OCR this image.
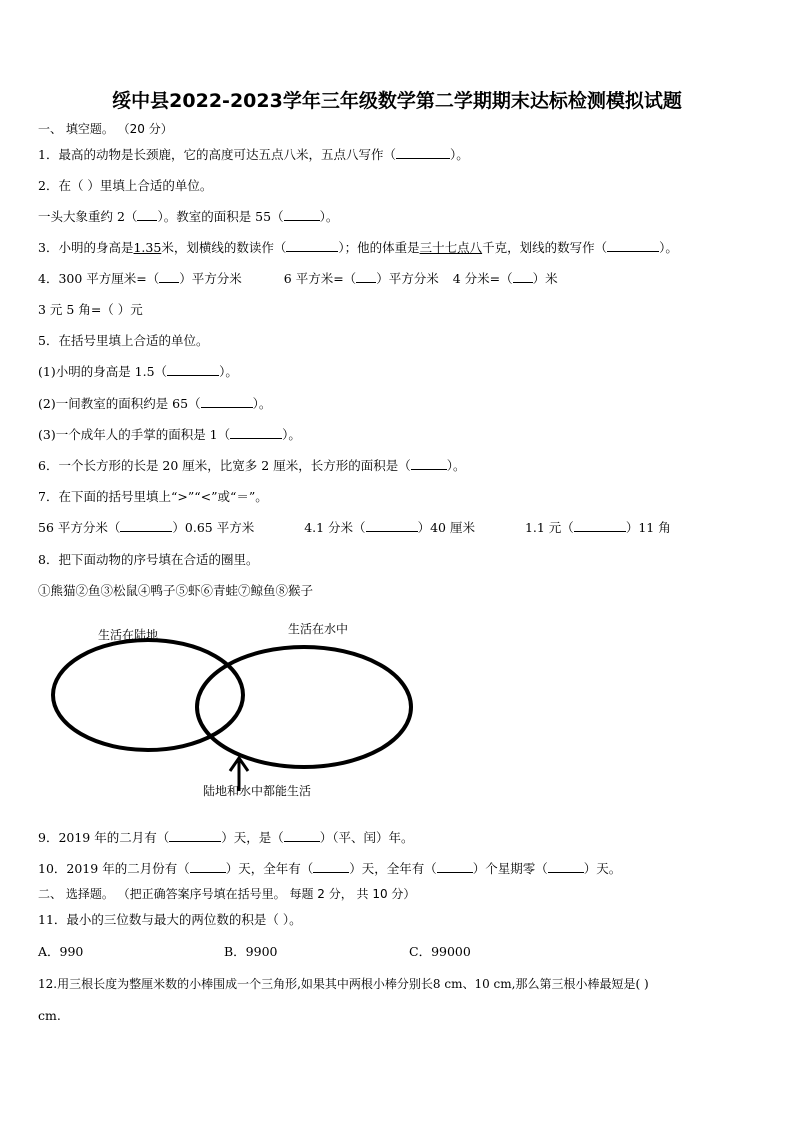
绥中县2022-2023学年三年级数学第二学期期末达标检测模拟试题
一、 填空题。 （20 分）
1．最高的动物是长颈鹿，它的高度可达五点八米，五点八写作（	）。
2．在（ ）里填上合适的单位。
一头大象重约 2（ ）。教室的面积是 55（	）。
3．小明的身高是1.35米，划横线的数读作（	）；他的体重是三十七点八千克，划线的数写作（	）。
4．300 平方厘米=（ ）平方分米	6 平方米=（ ）平方分米 4 分米=（ ）米
3 元 5 角=（ ）元
5．在括号里填上合适的单位。
(1)小明的身高是 1.5（	）。
(2)一间教室的面积约是 65（	）。
(3)一个成年人的手掌的面积是 1（	）。
6．一个长方形的长是 20 厘米，比宽多 2 厘米，长方形的面积是（	）。
7．在下面的括号里填上“>”“<”或“＝”。
56 平方分米（	）0.65 平方米	4.1 分米（	）40 厘米	1.1 元（	）11 角
8．把下面动物的序号填在合适的圈里。
①熊猫②鱼③松鼠④鸭子⑤虾⑥青蛙⑦鲸鱼⑧猴子
生活在陆地	生活在水中
陆地和水中都能生活
9．2019 年的二月有（	）天，是（	）（平、闰）年。
10．2019 年的二月份有（	）天，全年有（	）天，全年有（	）个星期零（	）天。
二、 选择题。 （把正确答案序号填在括号里。 每题 2 分， 共 10 分）
11．最小的三位数与最大的两位数的积是（ ）。
A．990	B．9900	C．99000
12.用三根长度为整厘米数的小棒围成一个三角形,如果其中两根小棒分别长8 cm、10 cm,那么第三根小棒最短是( )
cm.
